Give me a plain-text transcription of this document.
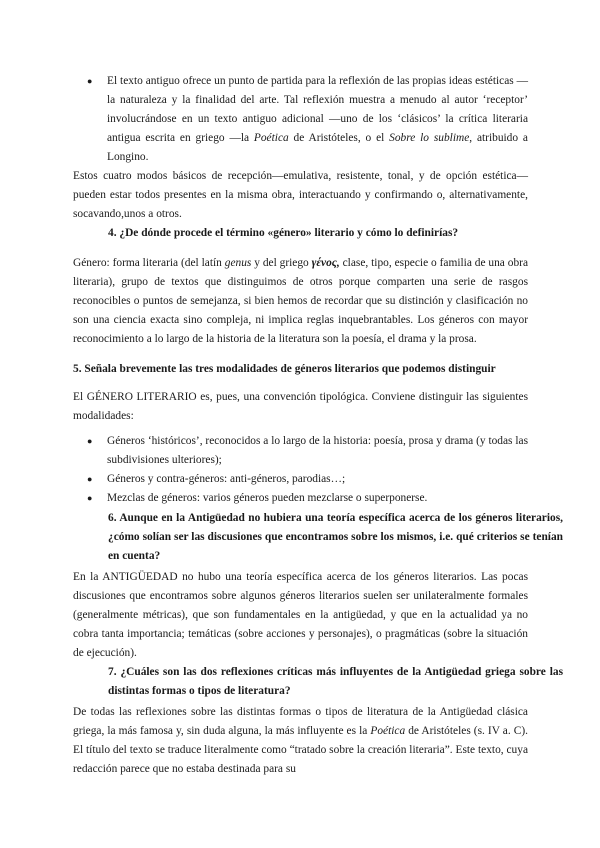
● El texto antiguo ofrece un punto de partida para la reflexión de las propias ideas estéticas —la naturaleza y la finalidad del arte. Tal reflexión muestra a menudo al autor ‘receptor’ involucrándose en un texto antiguo adicional —uno de los ‘clásicos’ la crítica literaria antigua escrita en griego —la Poética de Aristóteles, o el Sobre lo sublime, atribuido a Longino.

Estos cuatro modos básicos de recepción—emulativa, resistente, tonal, y de opción estética— pueden estar todos presentes en la misma obra, interactuando y confirmando o, alternativamente, socavando,unos a otros.

4. ¿De dónde procede el término «género» literario y cómo lo definirías?

Género: forma literaria (del latín genus y del griego γένος, clase, tipo, especie o familia de una obra literaria), grupo de textos que distinguimos de otros porque comparten una serie de rasgos reconocibles o puntos de semejanza, si bien hemos de recordar que su distinción y clasificación no son una ciencia exacta sino compleja, ni implica reglas inquebrantables. Los géneros con mayor reconocimiento a lo largo de la historia de la literatura son la poesía, el drama y la prosa.

5. Señala brevemente las tres modalidades de géneros literarios que podemos distinguir

El GÉNERO LITERARIO es, pues, una convención tipológica. Conviene distinguir las siguientes modalidades:

● Géneros ‘históricos’, reconocidos a lo largo de la historia: poesía, prosa y drama (y todas las subdivisiones ulteriores);

● Géneros y contra-géneros: anti-géneros, parodias…;

● Mezclas de géneros: varios géneros pueden mezclarse o superponerse.

6. Aunque en la Antigüedad no hubiera una teoría específica acerca de los géneros literarios, ¿cómo solían ser las discusiones que encontramos sobre los mismos, i.e. qué criterios se tenían en cuenta?

En la ANTIGÜEDAD no hubo una teoría específica acerca de los géneros literarios. Las pocas discusiones que encontramos sobre algunos géneros literarios suelen ser unilateralmente formales (generalmente métricas), que son fundamentales en la antigüedad, y que en la actualidad ya no cobra tanta importancia; temáticas (sobre acciones y personajes), o pragmáticas (sobre la situación de ejecución).

7. ¿Cuáles son las dos reflexiones críticas más influyentes de la Antigüedad griega sobre las distintas formas o tipos de literatura?

De todas las reflexiones sobre las distintas formas o tipos de literatura de la Antigüedad clásica griega, la más famosa y, sin duda alguna, la más influyente es la Poética de Aristóteles (s. IV a. C). El título del texto se traduce literalmente como “tratado sobre la creación literaria”. Este texto, cuya redacción parece que no estaba destinada para su
